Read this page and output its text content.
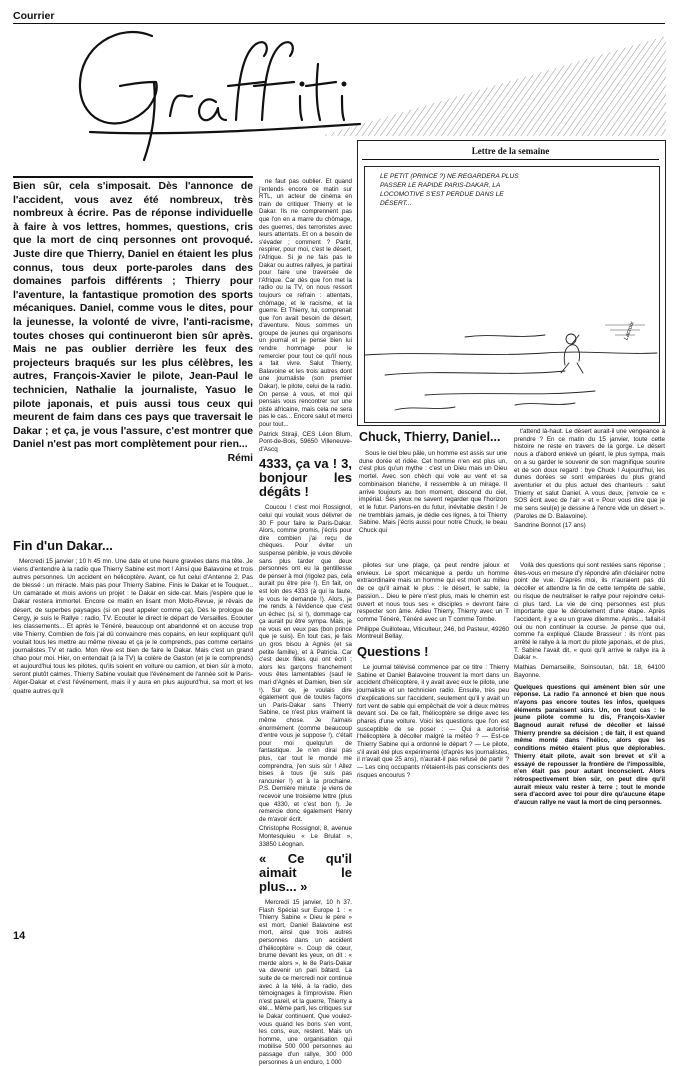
Courrier
Lettre de la semaine
LE PETIT (PRINCE ?) NE REGARDERA PLUS PASSER LE RAPIDE PARIS-DAKAR, LA LOCOMOTIVE S'EST PERDUE DANS LE DÉSERT...
Lacroix
Chuck, Thierry, Daniel...

Sous le ciel bleu pâle, un homme est assis sur une dune dorée et ridée. Cet homme n'en est plus un, c'est plus qu'un mythe : c'est un Dieu mais un Dieu mortel. Avec son chèch qui vole au vent et sa combinaison blanche, il ressemble à un mirage. Il arrive toujours au bon moment, descend du ciel, impérial. Ses yeux ne savent regarder que l'horizon et le futur. Parlons-en du futur, inévitable destin ! Je ne tremblais jamais, je dédie ces lignes, à toi Thierry Sabine. Mais j'écris aussi pour notre Chuck, le beau Chuck qui

t'attend là-haut. Le désert aurait-il une vengeance à prendre ? En ce matin du 15 janvier, toute cette histoire ne reste en travers de la gorge. Le désert nous a d'abord enlevé un géant, le plus sympa, mais on a su garder le souvenir de son magnifique sourire et de son doux regard : bye Chuck ! Aujourd'hui, les dunes dorées se sont emparées du plus grand aventurier et du plus actuel des chanteurs : salut Thierry et salut Daniel. A vous deux, j'envoie ce « SOS écrit avec de l'air » et « Pour vous dire que je me sens seul(e) je dessine à l'encre vide un désert ». (Paroles de D. Balavoine).

Sandrine Bonnot (17 ans)
Bien sûr, cela s'imposait. Dès l'annonce de l'accident, vous avez été nombreux, très nombreux à écrire. Pas de réponse individuelle à faire à vos lettres, hommes, questions, cris que la mort de cinq personnes ont provoqué. Juste dire que Thierry, Daniel en étaient les plus connus, tous deux porte-paroles dans des domaines parfois différents ; Thierry pour l'aventure, la fantastique promotion des sports mécaniques. Daniel, comme vous le dites, pour la jeunesse, la volonté de vivre, l'anti-racisme, toutes choses qui continueront bien sûr après. Mais ne pas oublier derrière les feux des projecteurs braqués sur les plus célèbres, les autres, François-Xavier le pilote, Jean-Paul le technicien, Nathalie la journaliste, Yasuo le pilote japonais, et puis aussi tous ceux qui meurent de faim dans ces pays que traversait le Dakar ; et ça, je vous l'assure, c'est montrer que Daniel n'est pas mort complètement pour rien...
Rémi
Fin d'un Dakar...

Mercredi 15 janvier ; 10 h 45 mn. Une date et une heure gravées dans ma tête. Je viens d'entendre à la radio que Thierry Sabine est mort ! Ainsi que Balavoine et trois autres personnes. Un accident en hélicoptère. Avant, ce fut celui d'Antenne 2. Pas de blessé : un miracle. Mais pas pour Thierry Sabine. Finis le Dakar et le Touquet... Un camarade et mois avions un projet : le Dakar en side-car. Mais j'espère que le Dakar restera immortel. Encore ce matin en lisant mon Moto-Revue, je rêvais de désert, de superbes paysages (si on peut appeler comme ça). Dès le prologue de Cergy, je suis le Rallye : radio, TV. Ecouter le direct le départ de Versailles. Ecouter les classements... Et après le Ténéré, beaucoup ont abandonné et on accuse trop vite Thierry. Combien de fois j'ai dû convaincre mes copains, en leur expliquant qu'il voulait tous les mettre au même niveau et ça je le comprends, pas comme certains journalistes TV et radio. Mon rêve est bien de faire le Dakar. Mais c'est un grand chao pour moi. Hier, on entendait (à la TV) la colère de Gaston (et je le comprends) et aujourd'hui tous les pilotes, qu'ils soient en voiture ou camion, et bien sûr à moto, seront plutôt calmes. Thierry Sabine voulait que l'événement de l'année soit le Paris-Alger-Dakar et c'est l'événement, mais il y aura en plus aujourd'hui, sa mort et les quatre autres qu'il

ne faut pas oublier. Et quand j'entends encore ce matin sur RTL, un acteur de cinéma en train de critiquer Thierry et le Dakar. Ils ne comprennent pas que l'on en a marre du chômage, des guerres, des terroristes avec leurs attentats. Et on a besoin de s'évader ; comment ? Partir, respirer, pour moi, c'est le désert, l'Afrique. Si je ne fais pas le Dakar ou autres rallyes, je partirai pour faire une traversée de l'Afrique. Car dès que l'on met la radio ou la TV, on nous ressort toujours ce refrain : attentats, chômage, et le racisme, et la guerre. Et Thierry, lui, comprenait que l'on avait besoin de désert, d'aventure. Nous sommes un groupe de jeunes qui organisons un journal et je pense bien lui rendre hommage pour le remercier pour tout ce qu'il nous a fait vivre. Salut Thierry, Balavoine et les trois autres dont une journaliste (son premier Dakar), le pilote, celui de la radio. On pense à vous, et moi qui pensais vous rencontrer sur une piste africaine, mais cela ne sera pas le cas... Encore salut et merci pour tout...

Patrick Stiraji, CES Léon Blum, Pont-de-Bois, 59650 Villeneuve-d'Ascq
4333, ça va ! 3, bonjour les dégâts !

Coucou ! c'est moi Rossignol, celui qui voulait vous délivrer de 30 F pour faire le Paris-Dakar. Alors, comme promis, j'écris pour dire combien j'ai reçu de chèques. Pour éviter un suspense pénible, je vous dévoile sans plus tarder que deux personnes ont eu la gentillesse de penser à moi (rigolez pas, cela aurait pu être pire !). En fait, on est loin des 4333 (à qui la faute, je vous le demande !). Alors, je me rends à l'évidence que c'est un échec (si, si !), dommage car ça aurait pu être sympa. Mais, je ne vous en veux pas (bon prince que je suis). En tout cas, je fais un gros bisou à Agnès (et sa petite famille), et à Patricia. Car c'est deux filles qui ont écrit ; alors les garçons franchement vous êtes lamentables (sauf le mari d'Agnès et Damien, bien sûr !). Sur ce, je voulais dire également que de toutes façons un Paris-Dakar sans Thierry Sabine, ce n'est plus vraiment la même chose. Je l'aimais énormément (comme beaucoup d'entre vous je suppose !), c'était pour moi quelqu'un de fantastique. Je n'en dirai pas plus, car tout le monde me comprendra, j'en suis sûr ! Allez bises à tous (je suis pas rancunier !) et à la prochaine. P.S. Dernière minute : je viens de recevoir une troisième lettre (plus que 4330, et c'est bon !). Je remercie donc également Henry de m'avoir écrit.

Christophe Rossignol, 8, avenue Montesquieu « Le Brulat », 33850 Léognan.
« Ce qu'il aimait le plus... »

Mercredi 15 janvier, 10 h 37. Flash Spécial sur Europe 1 : « Thierry Sabine « Dieu le père » est mort, Daniel Balavoine est mort, ainsi que trois autres personnes dans un accident d'hélicoptère ». Coup de cœur, brume devant les yeux, on dit : « merde alors », le 8e Paris-Dakar va devenir un pari bâtard. La suite de ce mercredi noir continue avec à la télé, à la radio, des témoignages à l'improviste. Rien n'est pareil, et la guerre, Thierry a été... Même parti, les critiques sur le Dakar continuent. Que voulez-vous quand les bons s'en vont, les cons, eux, restent. Mais un homme, une organisation qui mobilise 500 000 personnes au passage d'un rallye, 300 000 personnes à un enduro, 1 000

pilotes sur une plage, ça peut rendre jaloux et envieux. Le sport mécanique a perdu un homme extraordinaire mais un homme qui est mort au milieu de ce qu'il aimait le plus : le désert, le sable, la passion... Dieu le père n'est plus, mais le chemin est ouvert et nous tous ses « disciples » devront faire respecter son âme. Adieu Thierry, Thierry avec un T comme Ténéré, Ténéré avec un T comme Tombe.

Philippe Guilloteau, Viticulteur, 246, bd Pasteur, 49260 Montreuil Bellay.
Questions !

Le journal télévisé commence par ce titre : Thierry Sabine et Daniel Balavoine trouvent la mort dans un accident d'hélicoptère, il y avait avec eux le pilote, une journaliste et un technicien radio. Ensuite, très peu d'explications sur l'accident, seulement qu'il y avait un fort vent de sable qui empêchait de voir à deux mètres devant soi. De ce fait, l'hélicoptère se dirige avec les phares d'une voiture. Voici les questions que l'on est susceptible de se poser : — Qui a autorisé l'hélicoptère à décoller malgré la météo ? — Est-ce Thierry Sabine qui a ordonné le départ ? — Le pilote, s'il avait été plus expérimenté (d'après les journalistes, il n'avait que 25 ans), n'aurait-il pas refusé de partir ? — Les cinq occupants n'étaient-ils pas conscients des risques encourus ?

Voilà des questions qui sont restées sans réponse ; êtes-vous en mesure d'y répondre afin d'éclairer notre point de vue. D'après moi, ils n'auraient pas dû décoller et attendre la fin de cette tempête de sable, ou risque de neutraliser le rallye pour rejoindre celui-ci plus tard. La vie de cinq personnes est plus importante que le déroulement d'une étape. Après l'accident, il y a eu un grave dilemme. Après... fallait-il oui ou non continuer la course. Je pense que oui, comme l'a expliqué Claude Brasseur : ils n'ont pas arrêté le rallye à la mort du pilote japonais, et de plus, T. Sabine l'avait dit, « quoi qu'il arrive le rallye ira à Dakar ».

Mathias Demarseille, Soinsoutan, bât. 18, 64100 Bayonne.

Quelques questions qui amènent bien sûr une réponse. La radio l'a annoncé et bien que nous n'ayons pas encore toutes les infos, quelques éléments paraissent sûrs. Un, on tout cas : le jeune pilote comme lu dis, François-Xavier Bagnoud aurait refusé de décoller et laissé Thierry prendre sa décision ; de fait, il est quand même monté dans l'hélico, alors que les conditions météo étaient plus que déplorables. Thierry était pilote, avait son brevet et s'il a essayé de repousser la frontière de l'impossible, n'en était pas pour autant inconscient. Alors rétrospectivement bien sûr, on peut dire qu'il aurait mieux valu rester à terre ; tout le monde sera d'accord avec toi pour dire qu'aucune étape d'aucun rallye ne vaut la mort de cinq personnes.

14
